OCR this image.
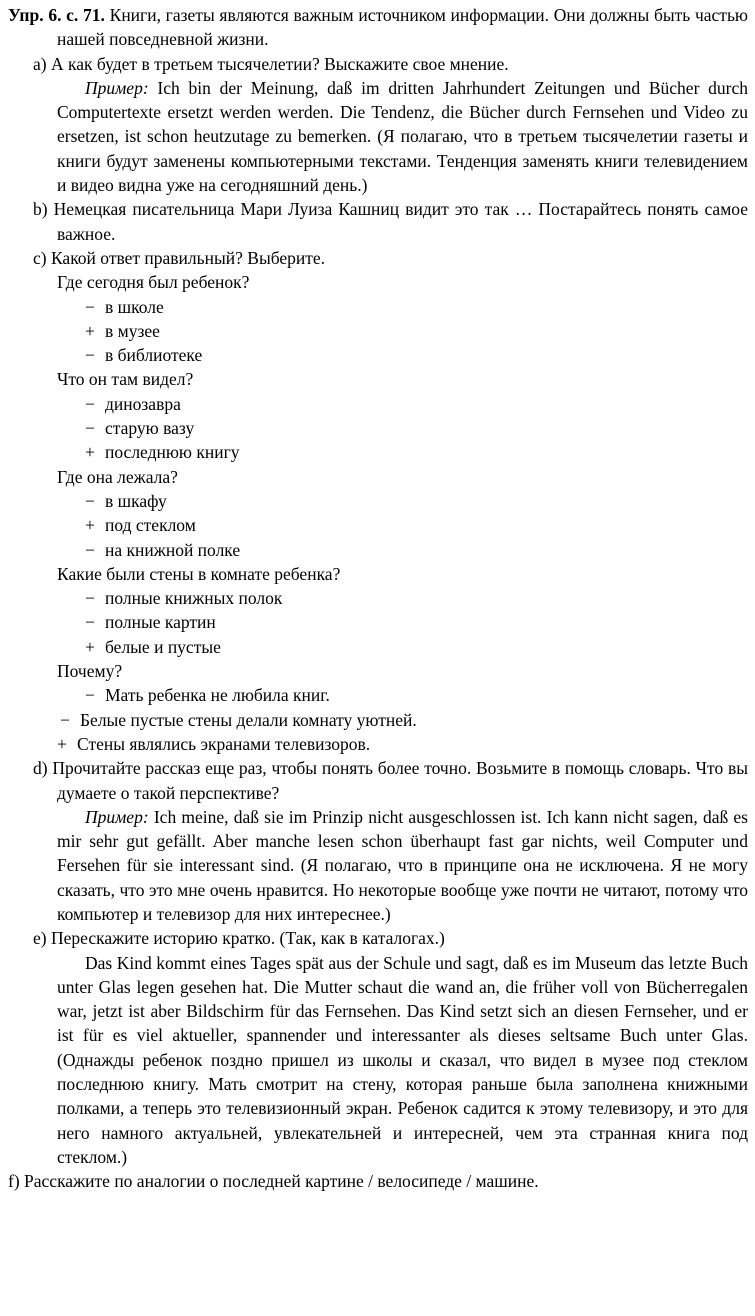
Упр. 6. с. 71. Книги, газеты являются важным источником информации. Они должны быть частью нашей повседневной жизни.

a) А как будет в третьем тысячелетии? Выскажите свое мнение.

Пример: Ich bin der Meinung, daß im dritten Jahrhundert Zeitungen und Bücher durch Computertexte ersetzt werden werden. Die Tendenz, die Bücher durch Fernsehen und Video zu ersetzen, ist schon heutzutage zu bemerken. (Я полагаю, что в третьем тысячелетии газеты и книги будут заменены компьютерными текстами. Тенденция заменять книги телевидением и видео видна уже на сегодняшний день.)

b) Немецкая писательница Мари Луиза Кашниц видит это так … Постарайтесь понять самое важное.

c) Какой ответ правильный? Выберите.

Где сегодня был ребенок?

− в школе

+ в музее

− в библиотеке

Что он там видел?

− динозавра

− старую вазу

+ последнюю книгу

Где она лежала?

− в шкафу

+ под стеклом

− на книжной полке

Какие были стены в комнате ребенка?

− полные книжных полок

− полные картин

+ белые и пустые

Почему?

− Мать ребенка не любила книг.

− Белые пустые стены делали комнату уютней.

+ Стены являлись экранами телевизоров.

d) Прочитайте рассказ еще раз, чтобы понять более точно. Возьмите в помощь словарь. Что вы думаете о такой перспективе?

Пример: Ich meine, daß sie im Prinzip nicht ausgeschlossen ist. Ich kann nicht sagen, daß es mir sehr gut gefällt. Aber manche lesen schon überhaupt fast gar nichts, weil Computer und Fersehen für sie interessant sind. (Я полагаю, что в принципе она не исключена. Я не могу сказать, что это мне очень нравится. Но некоторые вообще уже почти не читают, потому что компьютер и телевизор для них интереснее.)

e) Перескажите историю кратко. (Так, как в каталогах.)

Das Kind kommt eines Tages spät aus der Schule und sagt, daß es im Museum das letzte Buch unter Glas legen gesehen hat. Die Mutter schaut die wand an, die früher voll von Bücherregalen war, jetzt ist aber Bildschirm für das Fernsehen. Das Kind setzt sich an diesen Fernseher, und er ist für es viel aktueller, spannender und interessanter als dieses seltsame Buch unter Glas. (Однажды ребенок поздно пришел из школы и сказал, что видел в музее под стеклом последнюю книгу. Мать смотрит на стену, которая раньше была заполнена книжными полками, а теперь это телевизионный экран. Ребенок садится к этому телевизору, и это для него намного актуальней, увлекательней и интересней, чем эта странная книга под стеклом.)

f) Расскажите по аналогии о последней картине / велосипеде / машине.
